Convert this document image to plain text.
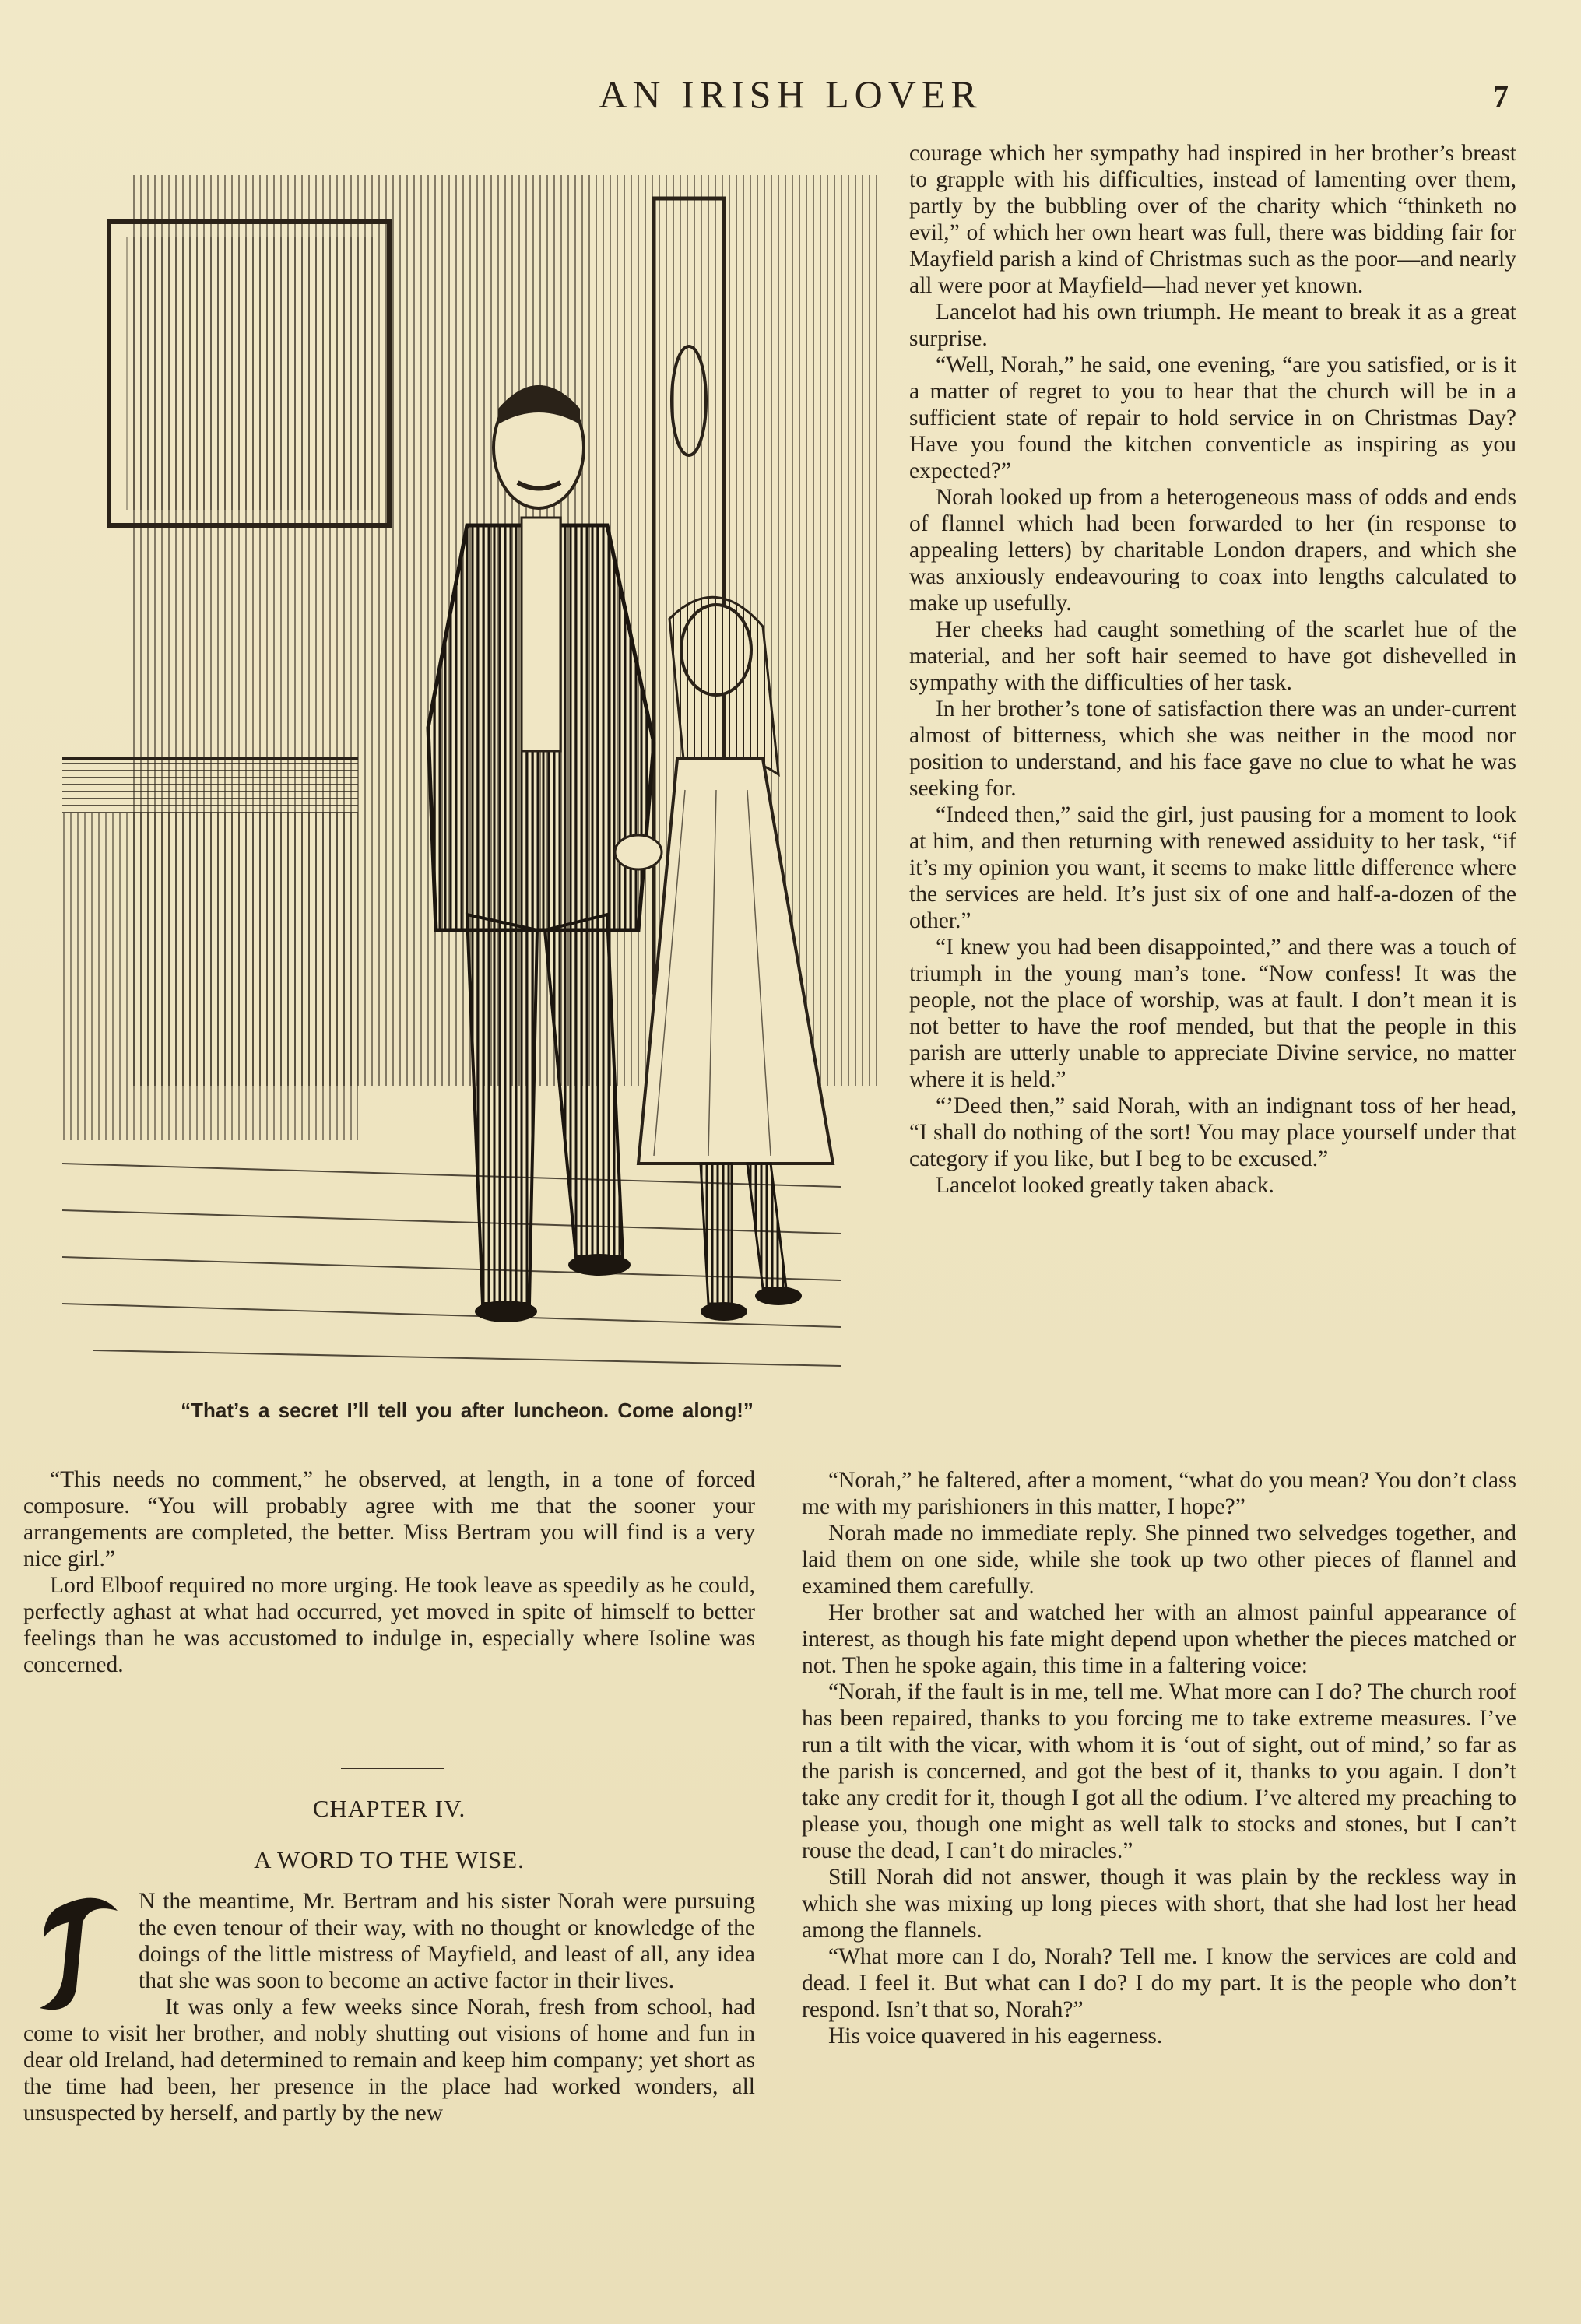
AN IRISH LOVER	7
“That’s a secret I’ll tell you after luncheon. Come along!”

courage which her sympathy had inspired in her brother’s breast to grapple with his difficulties, instead of lamenting over them, partly by the bubbling over of the charity which “thinketh no evil,” of which her own heart was full, there was bidding fair for Mayfield parish a kind of Christmas such as the poor—and nearly all were poor at Mayfield—had never yet known.

Lancelot had his own triumph. He meant to break it as a great surprise.

“Well, Norah,” he said, one evening, “are you satisfied, or is it a matter of regret to you to hear that the church will be in a sufficient state of repair to hold service in on Christmas Day? Have you found the kitchen conventicle as inspiring as you expected?”

Norah looked up from a heterogeneous mass of odds and ends of flannel which had been forwarded to her (in response to appealing letters) by charitable London drapers, and which she was anxiously endeavouring to coax into lengths calculated to make up usefully.

Her cheeks had caught something of the scarlet hue of the material, and her soft hair seemed to have got dishevelled in sympathy with the difficulties of her task.

In her brother’s tone of satisfaction there was an under-current almost of bitterness, which she was neither in the mood nor position to understand, and his face gave no clue to what he was seeking for.

“Indeed then,” said the girl, just pausing for a moment to look at him, and then returning with renewed assiduity to her task, “if it’s my opinion you want, it seems to make little difference where the services are held. It’s just six of one and half-a-dozen of the other.”

“I knew you had been disappointed,” and there was a touch of triumph in the young man’s tone. “Now confess! It was the people, not the place of worship, was at fault. I don’t mean it is not better to have the roof mended, but that the people in this parish are utterly unable to appreciate Divine service, no matter where it is held.”

“’Deed then,” said Norah, with an indignant toss of her head, “I shall do nothing of the sort! You may place yourself under that category if you like, but I beg to be excused.”

Lancelot looked greatly taken aback.

“Norah,” he faltered, after a moment, “what do you mean? You don’t class me with my parishioners in this matter, I hope?”

Norah made no immediate reply. She pinned two selvedges together, and laid them on one side, while she took up two other pieces of flannel and examined them carefully.

Her brother sat and watched her with an almost painful appearance of interest, as though his fate might depend upon whether the pieces matched or not. Then he spoke again, this time in a faltering voice:

“Norah, if the fault is in me, tell me. What more can I do? The church roof has been repaired, thanks to you forcing me to take extreme measures. I’ve run a tilt with the vicar, with whom it is ‘out of sight, out of mind,’ so far as the parish is concerned, and got the best of it, thanks to you again. I don’t take any credit for it, though I got all the odium. I’ve altered my preaching to please you, though one might as well talk to stocks and stones, but I can’t rouse the dead, I can’t do miracles.”

Still Norah did not answer, though it was plain by the reckless way in which she was mixing up long pieces with short, that she had lost her head among the flannels.

“What more can I do, Norah? Tell me. I know the services are cold and dead. I feel it. But what can I do? I do my part. It is the people who don’t respond. Isn’t that so, Norah?”

His voice quavered in his eagerness.

“This needs no comment,” he observed, at length, in a tone of forced composure. “You will probably agree with me that the sooner your arrangements are completed, the better. Miss Bertram you will find is a very nice girl.”

Lord Elboof required no more urging. He took leave as speedily as he could, perfectly aghast at what had occurred, yet moved in spite of himself to better feelings than he was accustomed to indulge in, especially where Isoline was concerned.

CHAPTER IV.
A WORD TO THE WISE.

N the meantime, Mr. Bertram and his sister Norah were pursuing the even tenour of their way, with no thought or knowledge of the doings of the little mistress of Mayfield, and least of all, any idea that she was soon to become an active factor in their lives.

It was only a few weeks since Norah, fresh from school, had come to visit her brother, and nobly shutting out visions of home and fun in dear old Ireland, had determined to remain and keep him company; yet short as the time had been, her presence in the place had worked wonders, all unsuspected by herself, and partly by the new
